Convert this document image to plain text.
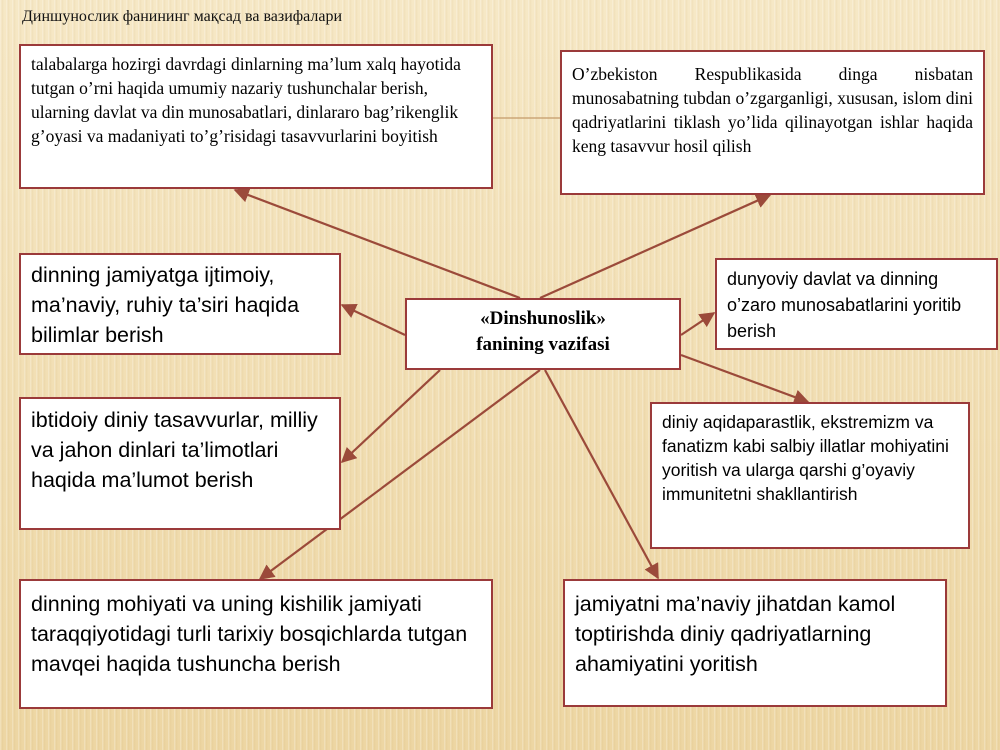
Диншунослик фанининг мақсад ва вазифалари
talabalarga hozirgi davrdagi dinlarning ma’lum xalq hayotida tutgan o’rni haqida umumiy nazariy tushunchalar berish, ularning davlat va din munosabatlari, dinlararo bag’rikenglik g’oyasi va madaniyati to’g’risidagi tasavvurlarini boyitish
O’zbekiston Respublikasida dinga nisbatan munosabatning tubdan o’zgarganligi, xususan, islom dini qadriyatlarini tiklash yo’lida qilinayotgan ishlar haqida keng tasavvur hosil qilish
«Dinshunoslik»
fanining vazifasi
dinning jamiyatga ijtimoiy, ma’naviy, ruhiy ta’siri haqida bilimlar berish
dunyoviy davlat va dinning o’zaro munosabatlarini yoritib berish
ibtidoiy diniy tasavvurlar, milliy va jahon dinlari ta’limotlari haqida ma’lumot berish
diniy aqidaparastlik, ekstremizm va fanatizm kabi salbiy illatlar mohiyatini yoritish va ularga qarshi g’oyaviy immunitetni shakllantirish
dinning mohiyati va uning kishilik jamiyati taraqqiyotidagi turli tarixiy bosqichlarda tutgan mavqei haqida tushuncha berish
jamiyatni ma’naviy jihatdan kamol toptirishda diniy qadriyatlarning ahamiyatini yoritish
